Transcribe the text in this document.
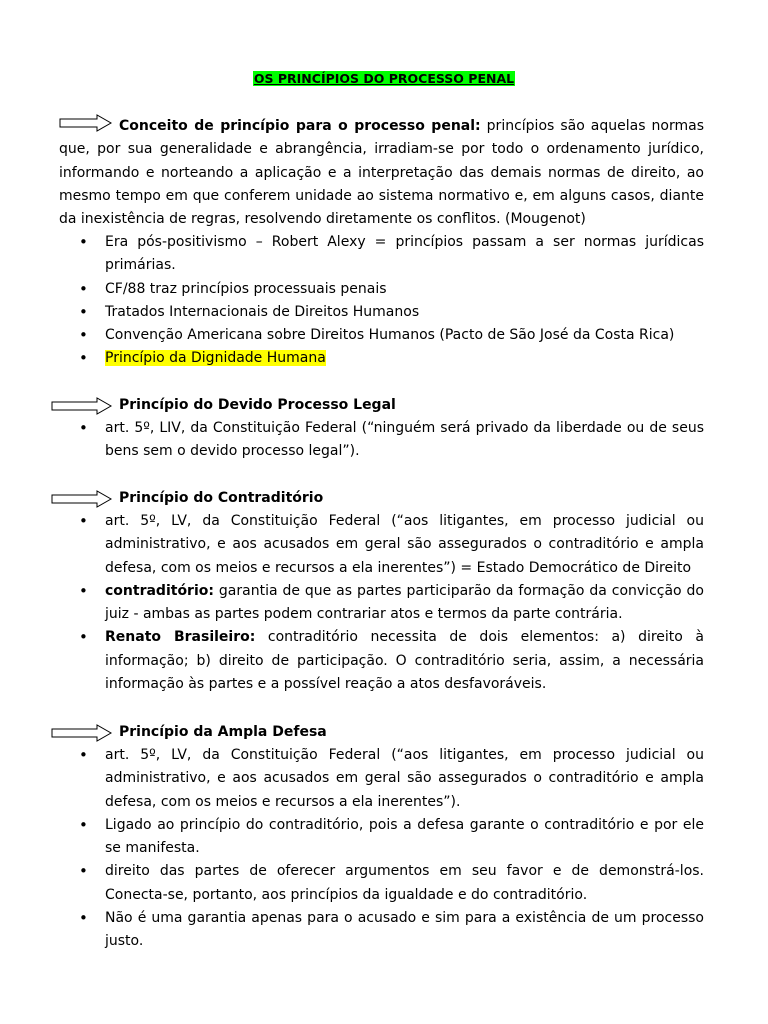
OS PRINCÍPIOS DO PROCESSO PENAL
Conceito de princípio para o processo penal: princípios são aquelas normas que, por sua generalidade e abrangência, irradiam-se por todo o ordenamento jurídico, informando e norteando a aplicação e a interpretação das demais normas de direito, ao mesmo tempo em que conferem unidade ao sistema normativo e, em alguns casos, diante da inexistência de regras, resolvendo diretamente os conflitos. (Mougenot)
• Era pós-positivismo – Robert Alexy = princípios passam a ser normas jurídicas primárias.
• CF/88 traz princípios processuais penais
• Tratados Internacionais de Direitos Humanos
• Convenção Americana sobre Direitos Humanos (Pacto de São José da Costa Rica)
• Princípio da Dignidade Humana
Princípio do Devido Processo Legal
• art. 5º, LIV, da Constituição Federal (“ninguém será privado da liberdade ou de seus bens sem o devido processo legal”).
Princípio do Contraditório
• art. 5º, LV, da Constituição Federal (“aos litigantes, em processo judicial ou administrativo, e aos acusados em geral são assegurados o contraditório e ampla defesa, com os meios e recursos a ela inerentes”) = Estado Democrático de Direito
• contraditório: garantia de que as partes participarão da formação da convicção do juiz - ambas as partes podem contrariar atos e termos da parte contrária.
• Renato Brasileiro: contraditório necessita de dois elementos: a) direito à informação; b) direito de participação. O contraditório seria, assim, a necessária informação às partes e a possível reação a atos desfavoráveis.
Princípio da Ampla Defesa
• art. 5º, LV, da Constituição Federal (“aos litigantes, em processo judicial ou administrativo, e aos acusados em geral são assegurados o contraditório e ampla defesa, com os meios e recursos a ela inerentes”).
• Ligado ao princípio do contraditório, pois a defesa garante o contraditório e por ele se manifesta.
• direito das partes de oferecer argumentos em seu favor e de demonstrá-los. Conecta-se, portanto, aos princípios da igualdade e do contraditório.
• Não é uma garantia apenas para o acusado e sim para a existência de um processo justo.
